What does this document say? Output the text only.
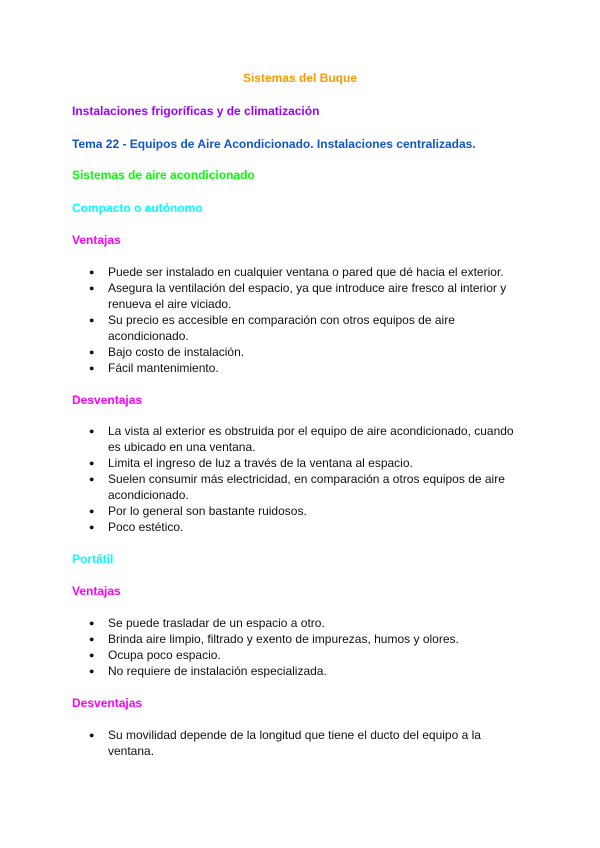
Sistemas del Buque
Instalaciones frigoríficas y de climatización
Tema 22 - Equipos de Aire Acondicionado. Instalaciones centralizadas.
Sistemas de aire acondicionado
Compacto o autónomo
Ventajas
● Puede ser instalado en cualquier ventana o pared que dé hacia el exterior.
● Asegura la ventilación del espacio, ya que introduce aire fresco al interior y renueva el aire viciado.
● Su precio es accesible en comparación con otros equipos de aire acondicionado.
● Bajo costo de instalación.
● Fácil mantenimiento.
Desventajas
● La vista al exterior es obstruida por el equipo de aire acondicionado, cuando es ubicado en una ventana.
● Limita el ingreso de luz a través de la ventana al espacio.
● Suelen consumir más electricidad, en comparación a otros equipos de aire acondicionado.
● Por lo general son bastante ruidosos.
● Poco estético.
Portátil
Ventajas
● Se puede trasladar de un espacio a otro.
● Brinda aire limpio, filtrado y exento de impurezas, humos y olores.
● Ocupa poco espacio.
● No requiere de instalación especializada.
Desventajas
● Su movilidad depende de la longitud que tiene el ducto del equipo a la ventana.
